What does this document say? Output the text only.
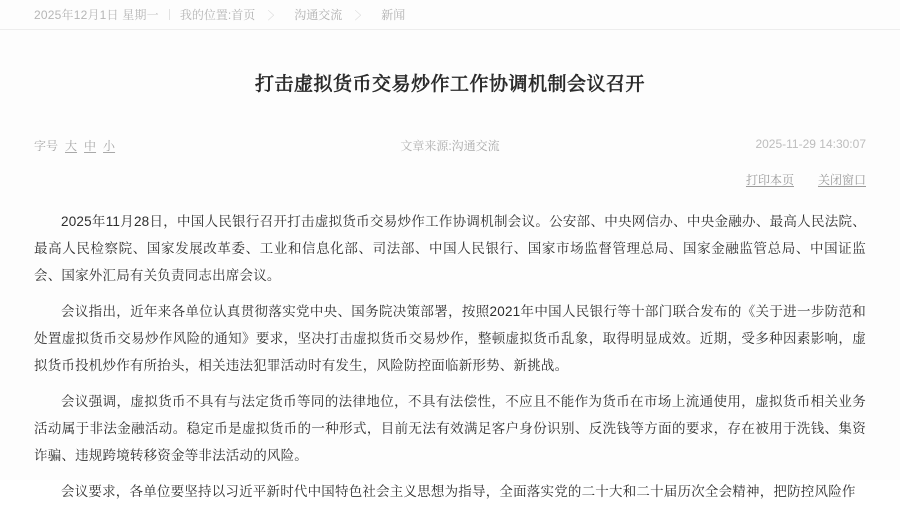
2025年12月1日 星期一 我的位置: 首页 〉 沟通交流 〉 新闻
打击虚拟货币交易炒作工作协调机制会议召开
字号 大 中 小	文章来源:沟通交流	2025-11-29 14:30:07
打印本页 关闭窗口

2025年11月28日，中国人民银行召开打击虚拟货币交易炒作工作协调机制会议。公安部、中央网信办、中央金融办、最高人民法院、最高人民检察院、国家发展改革委、工业和信息化部、司法部、中国人民银行、国家市场监督管理总局、国家金融监管总局、中国证监会、国家外汇局有关负责同志出席会议。

会议指出，近年来各单位认真贯彻落实党中央、国务院决策部署，按照2021年中国人民银行等十部门联合发布的《关于进一步防范和处置虚拟货币交易炒作风险的通知》要求，坚决打击虚拟货币交易炒作，整顿虚拟货币乱象，取得明显成效。近期，受多种因素影响，虚拟货币投机炒作有所抬头，相关违法犯罪活动时有发生，风险防控面临新形势、新挑战。

会议强调，虚拟货币不具有与法定货币等同的法律地位，不具有法偿性，不应且不能作为货币在市场上流通使用，虚拟货币相关业务活动属于非法金融活动。稳定币是虚拟货币的一种形式，目前无法有效满足客户身份识别、反洗钱等方面的要求，存在被用于洗钱、集资诈骗、违规跨境转移资金等非法活动的风险。

会议要求，各单位要坚持以习近平新时代中国特色社会主义思想为指导，全面落实党的二十大和二十届历次全会精神，把防控风险作
